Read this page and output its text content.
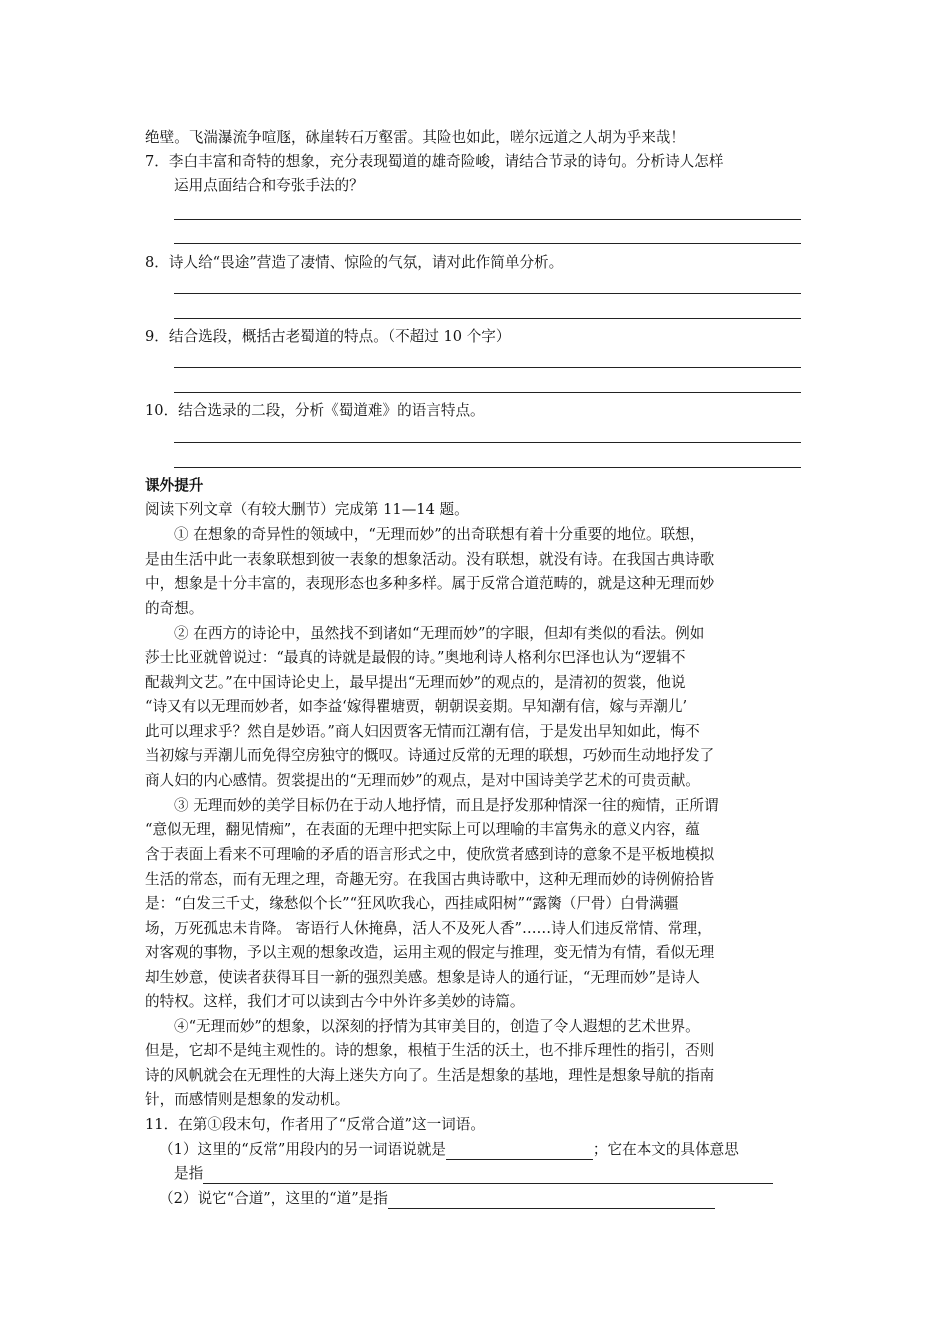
绝壁。飞湍瀑流争喧豗，砯崖转石万壑雷。其险也如此，嗟尔远道之人胡为乎来哉！
7．李白丰富和奇特的想象，充分表现蜀道的雄奇险峻，请结合节录的诗句。分析诗人怎样
运用点面结合和夸张手法的？
8．诗人给“畏途”营造了凄情、惊险的气氛，请对此作简单分析。
9．结合选段，概括古老蜀道的特点。（不超过 10 个字）
10．结合选录的二段，分析《蜀道难》的语言特点。
课外提升
阅读下列文章（有较大删节）完成第 11—14 题。
① 在想象的奇异性的领域中，“无理而妙”的出奇联想有着十分重要的地位。联想，
是由生活中此一表象联想到彼一表象的想象活动。没有联想，就没有诗。在我国古典诗歌
中，想象是十分丰富的，表现形态也多种多样。属于反常合道范畴的，就是这种无理而妙
的奇想。
② 在西方的诗论中，虽然找不到诸如“无理而妙”的字眼，但却有类似的看法。例如
莎士比亚就曾说过：“最真的诗就是最假的诗。”奥地利诗人格利尔巴泽也认为“逻辑不
配裁判文艺。”在中国诗论史上，最早提出“无理而妙”的观点的，是清初的贺裳，他说
“诗又有以无理而妙者，如李益‘嫁得瞿塘贾，朝朝误妾期。早知潮有信，嫁与弄潮儿’
此可以理求乎？然自是妙语。”商人妇因贾客无情而江潮有信，于是发出早知如此，悔不
当初嫁与弄潮儿而免得空房独守的慨叹。诗通过反常的无理的联想，巧妙而生动地抒发了
商人妇的内心感情。贺裳提出的“无理而妙”的观点，是对中国诗美学艺术的可贵贡献。
③ 无理而妙的美学目标仍在于动人地抒情，而且是抒发那种情深一往的痴情，正所谓
“意似无理，翻见情痴”，在表面的无理中把实际上可以理喻的丰富隽永的意义内容，蕴
含于表面上看来不可理喻的矛盾的语言形式之中，使欣赏者感到诗的意象不是平板地模拟
生活的常态，而有无理之理，奇趣无穷。在我国古典诗歌中，这种无理而妙的诗例俯拾皆
是：“白发三千丈，缘愁似个长”“狂风吹我心，西挂咸阳树”“露膐（尸骨）白骨满疆
场，万死孤忠未肯降。 寄语行人休掩鼻，活人不及死人香”……诗人们违反常情、常理，
对客观的事物，予以主观的想象改造，运用主观的假定与推理，变无情为有情，看似无理
却生妙意，使读者获得耳目一新的强烈美感。想象是诗人的通行证，“无理而妙”是诗人
的特权。这样，我们才可以读到古今中外许多美妙的诗篇。
④“无理而妙”的想象，以深刻的抒情为其审美目的，创造了令人遐想的艺术世界。
但是，它却不是纯主观性的。诗的想象，根植于生活的沃土，也不排斥理性的指引，否则
诗的风帆就会在无理性的大海上迷失方向了。生活是想象的基地，理性是想象导航的指南
针，而感情则是想象的发动机。
11．在第①段末句，作者用了“反常合道”这一词语。
（1）这里的“反常”用段内的另一词语说就是	；它在本文的具体意思
是指
（2）说它“合道”，这里的“道”是指
